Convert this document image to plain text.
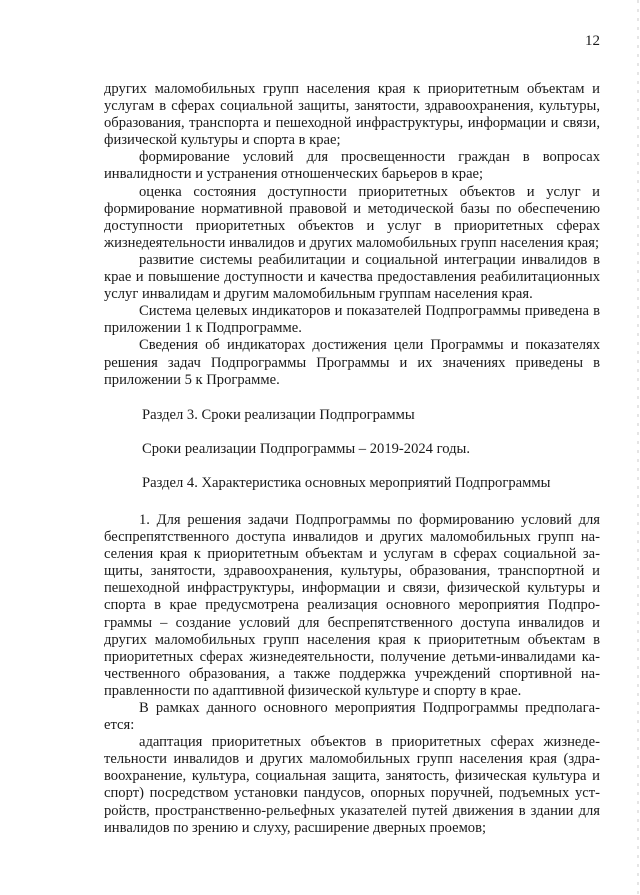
12

других маломобильных групп населения края к приоритетным объектам и услугам в сферах социальной защиты, занятости, здравоохранения, культуры, образования, транспорта и пешеходной инфраструктуры, информации и связи, физической культуры и спорта в крае;

формирование условий для просвещенности граждан в вопросах инвалидности и устранения отношенческих барьеров в крае;

оценка состояния доступности приоритетных объектов и услуг и формирование нормативной правовой и методической базы по обеспечению доступности приоритетных объектов и услуг в приоритетных сферах жизнедеятельности инвалидов и других маломобильных групп населения края;

развитие системы реабилитации и социальной интеграции инвалидов в крае и повышение доступности и качества предоставления реабилитационных услуг инвалидам и другим маломобильным группам населения края.

Система целевых индикаторов и показателей Подпрограммы приведена в приложении 1 к Подпрограмме.

Сведения об индикаторах достижения цели Программы и показателях решения задач Подпрограммы Программы и их значениях приведены в приложении 5 к Программе.

Раздел 3. Сроки реализации Подпрограммы

Сроки реализации Подпрограммы – 2019-2024 годы.

Раздел 4. Характеристика основных мероприятий Подпрограммы

1. Для решения задачи Подпрограммы по формированию условий для беспрепятственного доступа инвалидов и других маломобильных групп населения края к приоритетным объектам и услугам в сферах социальной защиты, занятости, здравоохранения, культуры, образования, транспортной и пешеходной инфраструктуры, информации и связи, физической культуры и спорта в крае предусмотрена реализация основного мероприятия Подпрограммы – создание условий для беспрепятственного доступа инвалидов и других маломобильных групп населения края к приоритетным объектам в приоритетных сферах жизнедеятельности, получение детьми-инвалидами качественного образования, а также поддержка учреждений спортивной направленности по адаптивной физической культуре и спорту в крае.

В рамках данного основного мероприятия Подпрограммы предполагается:

адаптация приоритетных объектов в приоритетных сферах жизнедетельности инвалидов и других маломобильных групп населения края (здравоохранение, культура, социальная защита, занятость, физическая культура и спорт) посредством установки пандусов, опорных поручней, подъемных устройств, пространственно-рельефных указателей путей движения в здании для инвалидов по зрению и слуху, расширение дверных проемов;
